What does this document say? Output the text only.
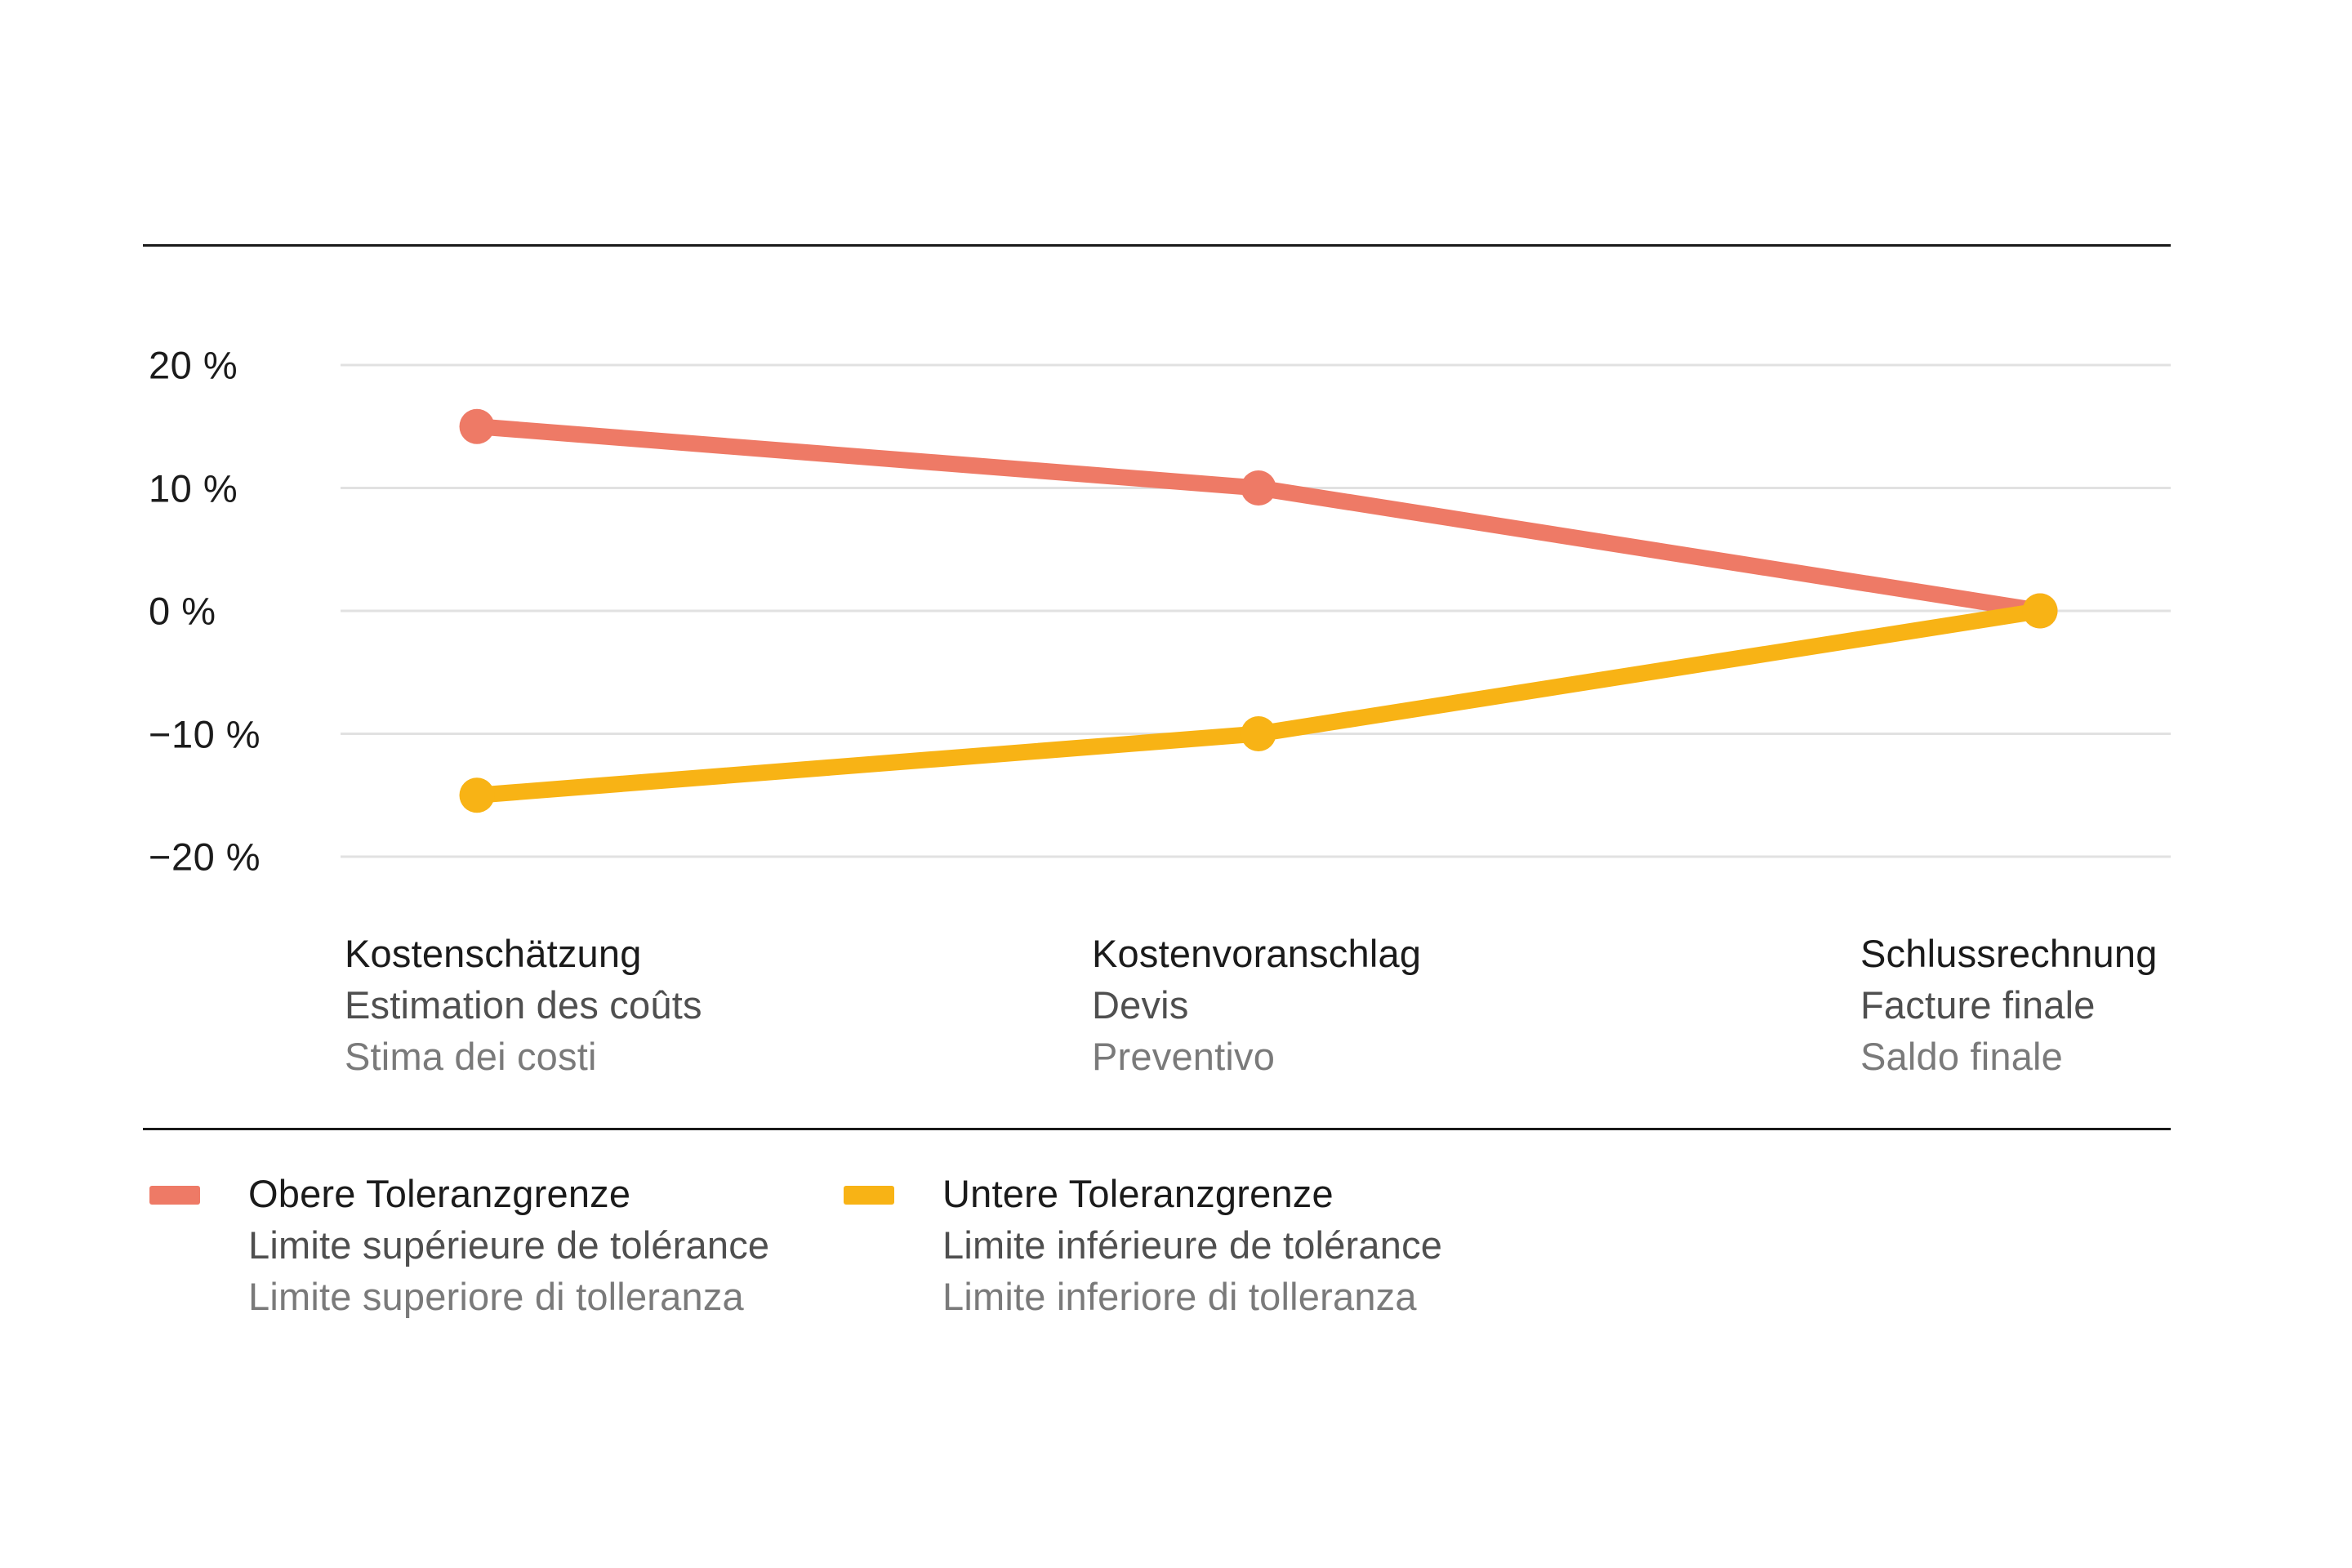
20 %
10 %
0 %
−10 %
−20 %
Kostenschätzung
Estimation des coûts
Stima dei costi
Kostenvoranschlag
Devis
Preventivo
Schlussrechnung
Facture finale
Saldo finale
Obere Toleranzgrenze
Limite supérieure de tolérance
Limite superiore di tolleranza
Untere Toleranzgrenze
Limite inférieure de tolérance
Limite inferiore di tolleranza
